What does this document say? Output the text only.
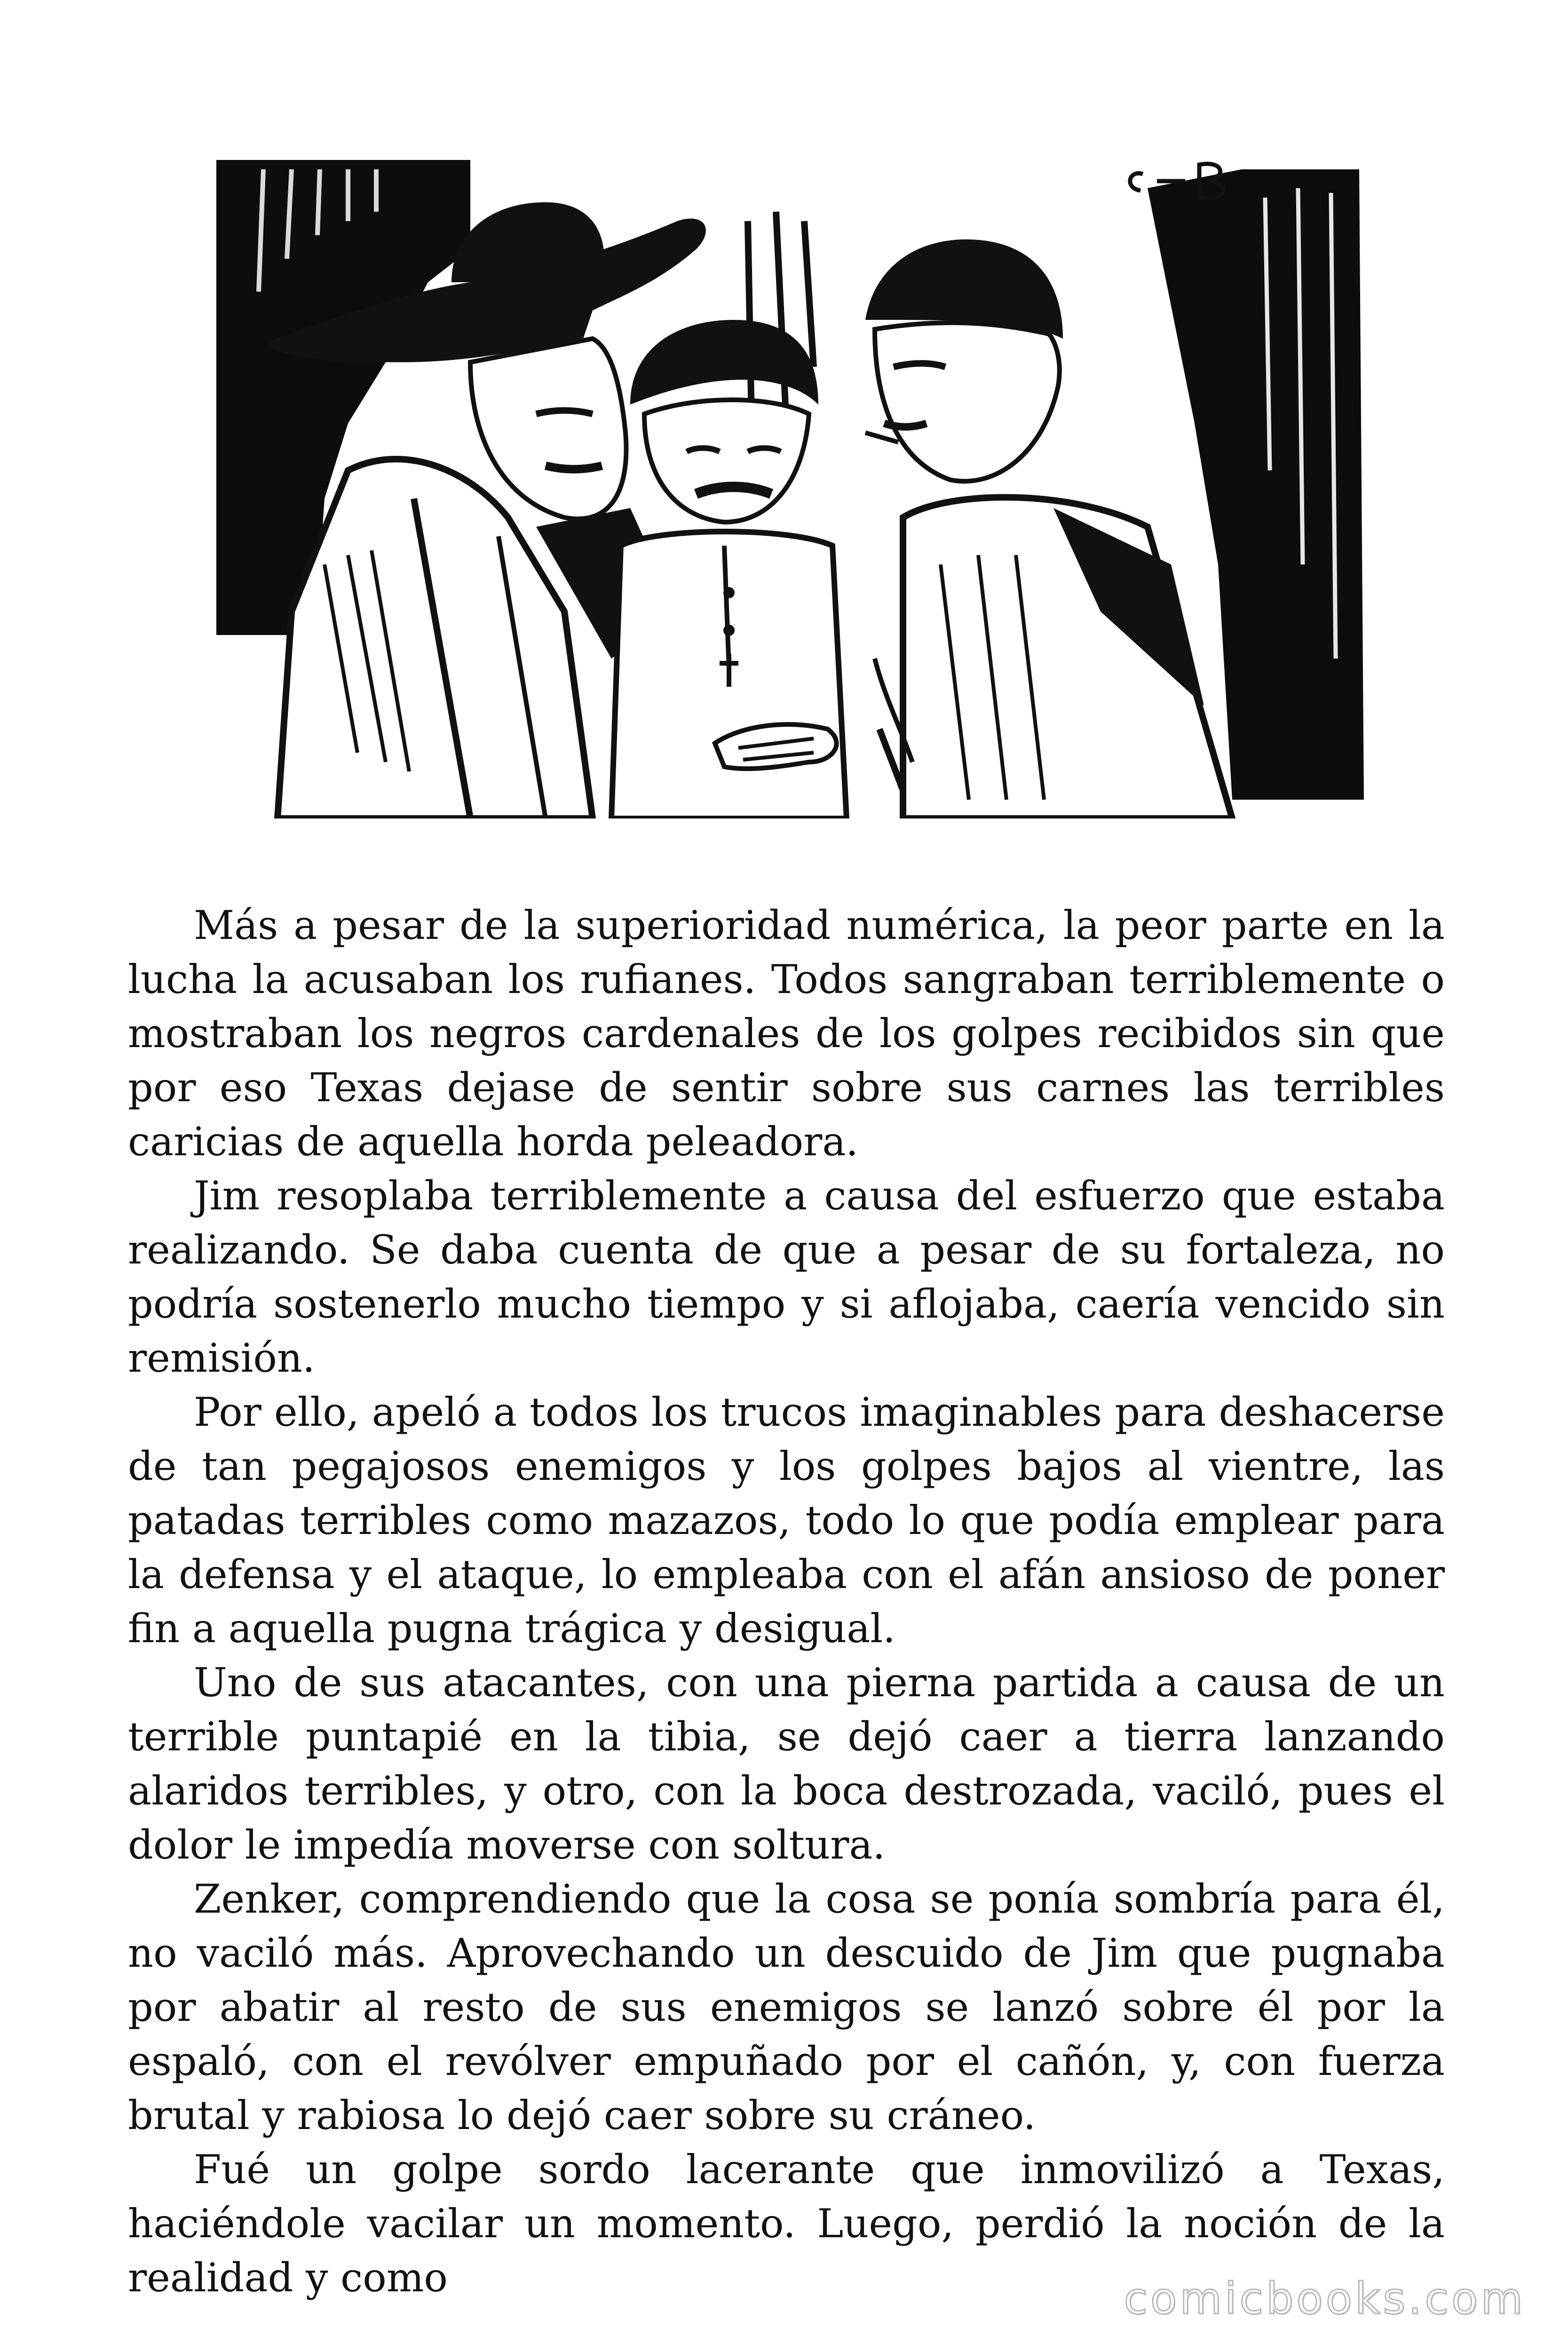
Más a pesar de la superioridad numérica, la peor parte en la lucha la acusaban los rufianes. Todos sangraban terriblemente o mostraban los negros cardenales de los golpes recibidos sin que por eso Texas dejase de sentir sobre sus carnes las terribles caricias de aquella horda peleadora.

Jim resoplaba terriblemente a causa del esfuerzo que estaba realizando. Se daba cuenta de que a pesar de su fortaleza, no podría sostenerlo mucho tiempo y si aflojaba, caería vencido sin remisión.

Por ello, apeló a todos los trucos imaginables para deshacerse de tan pegajosos enemigos y los golpes bajos al vientre, las patadas terribles como mazazos, todo lo que podía emplear para la defensa y el ataque, lo empleaba con el afán ansioso de poner fin a aquella pugna trágica y desigual.

Uno de sus atacantes, con una pierna partida a causa de un terrible puntapié en la tibia, se dejó caer a tierra lanzando alaridos terribles, y otro, con la boca destrozada, vaciló, pues el dolor le impedía moverse con soltura.

Zenker, comprendiendo que la cosa se ponía sombría para él, no vaciló más. Aprovechando un descuido de Jim que pugnaba por abatir al resto de sus enemigos se lanzó sobre él por la espaló, con el revólver empuñado por el cañón, y, con fuerza brutal y rabiosa lo dejó caer sobre su cráneo.

Fué un golpe sordo lacerante que inmovilizó a Texas, haciéndole vacilar un momento. Luego, perdió la noción de la realidad y como	comicbooks.com
